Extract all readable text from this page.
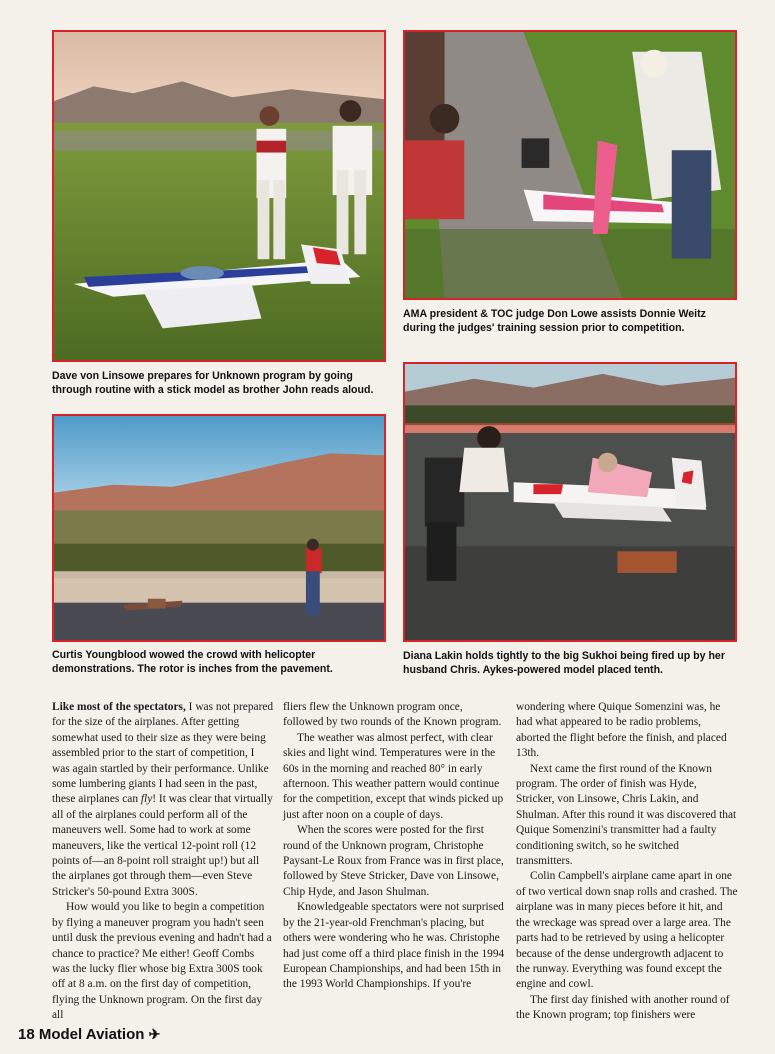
Dave von Linsowe prepares for Unknown program by going through routine with a stick model as brother John reads aloud.
AMA president & TOC judge Don Lowe assists Donnie Weitz during the judges' training session prior to competition.
Curtis Youngblood wowed the crowd with helicopter demonstrations. The rotor is inches from the pavement.
Diana Lakin holds tightly to the big Sukhoi being fired up by her husband Chris. Aykes-powered model placed tenth.

Like most of the spectators, I was not prepared for the size of the airplanes. After getting somewhat used to their size as they were being assembled prior to the start of competition, I was again startled by their performance. Unlike some lumbering giants I had seen in the past, these airplanes can fly! It was clear that virtually all of the airplanes could perform all of the maneuvers well. Some had to work at some maneuvers, like the vertical 12-point roll (12 points of—an 8-point roll straight up!) but all the airplanes got through them—even Steve Stricker's 50-pound Extra 300S.

How would you like to begin a competition by flying a maneuver program you hadn't seen until dusk the previous evening and hadn't had a chance to practice? Me either! Geoff Combs was the lucky flier whose big Extra 300S took off at 8 a.m. on the first day of competition, flying the Unknown program. On the first day all

fliers flew the Unknown program once, followed by two rounds of the Known program.

The weather was almost perfect, with clear skies and light wind. Temperatures were in the 60s in the morning and reached 80° in early afternoon. This weather pattern would continue for the competition, except that winds picked up just after noon on a couple of days.

When the scores were posted for the first round of the Unknown program, Christophe Paysant-Le Roux from France was in first place, followed by Steve Stricker, Dave von Linsowe, Chip Hyde, and Jason Shulman.

Knowledgeable spectators were not surprised by the 21-year-old Frenchman's placing, but others were wondering who he was. Christophe had just come off a third place finish in the 1994 European Championships, and had been 15th in the 1993 World Championships. If you're

wondering where Quique Somenzini was, he had what appeared to be radio problems, aborted the flight before the finish, and placed 13th.

Next came the first round of the Known program. The order of finish was Hyde, Stricker, von Linsowe, Chris Lakin, and Shulman. After this round it was discovered that Quique Somenzini's transmitter had a faulty conditioning switch, so he switched transmitters.

Colin Campbell's airplane came apart in one of two vertical down snap rolls and crashed. The airplane was in many pieces before it hit, and the wreckage was spread over a large area. The parts had to be retrieved by using a helicopter because of the dense undergrowth adjacent to the runway. Everything was found except the engine and cowl.

The first day finished with another round of the Known program; top finishers were

18 Model Aviation ✈
